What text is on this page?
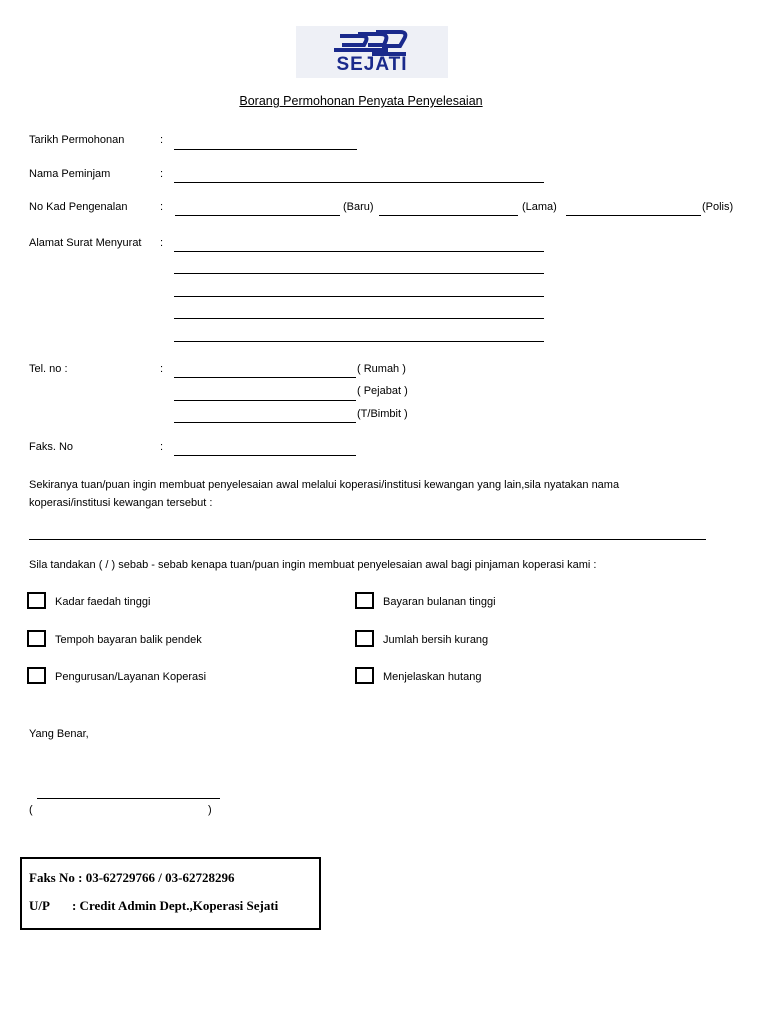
SEJATI
Borang Permohonan Penyata Penyelesaian
Tarikh Permohonan	:
Nama Peminjam	:
No Kad Pengenalan	:	(Baru)	(Lama)	(Polis)
Alamat Surat Menyurat :
Tel. no :	:	( Rumah )
( Pejabat )
(T/Bimbit )
Faks. No	:
Sekiranya tuan/puan ingin membuat penyelesaian awal melalui koperasi/institusi kewangan yang lain,sila nyatakan nama
koperasi/institusi kewangan tersebut :
Sila tandakan ( / ) sebab - sebab kenapa tuan/puan ingin membuat penyelesaian awal bagi pinjaman koperasi kami :
Kadar faedah tinggi
Tempoh bayaran balik pendek
Pengurusan/Layanan Koperasi
Bayaran bulanan tinggi
Jumlah bersih kurang
Menjelaskan hutang
Yang Benar,
(	)
Faks No : 03-62729766 / 03-62728296
U/P       : Credit Admin Dept.,Koperasi Sejati
